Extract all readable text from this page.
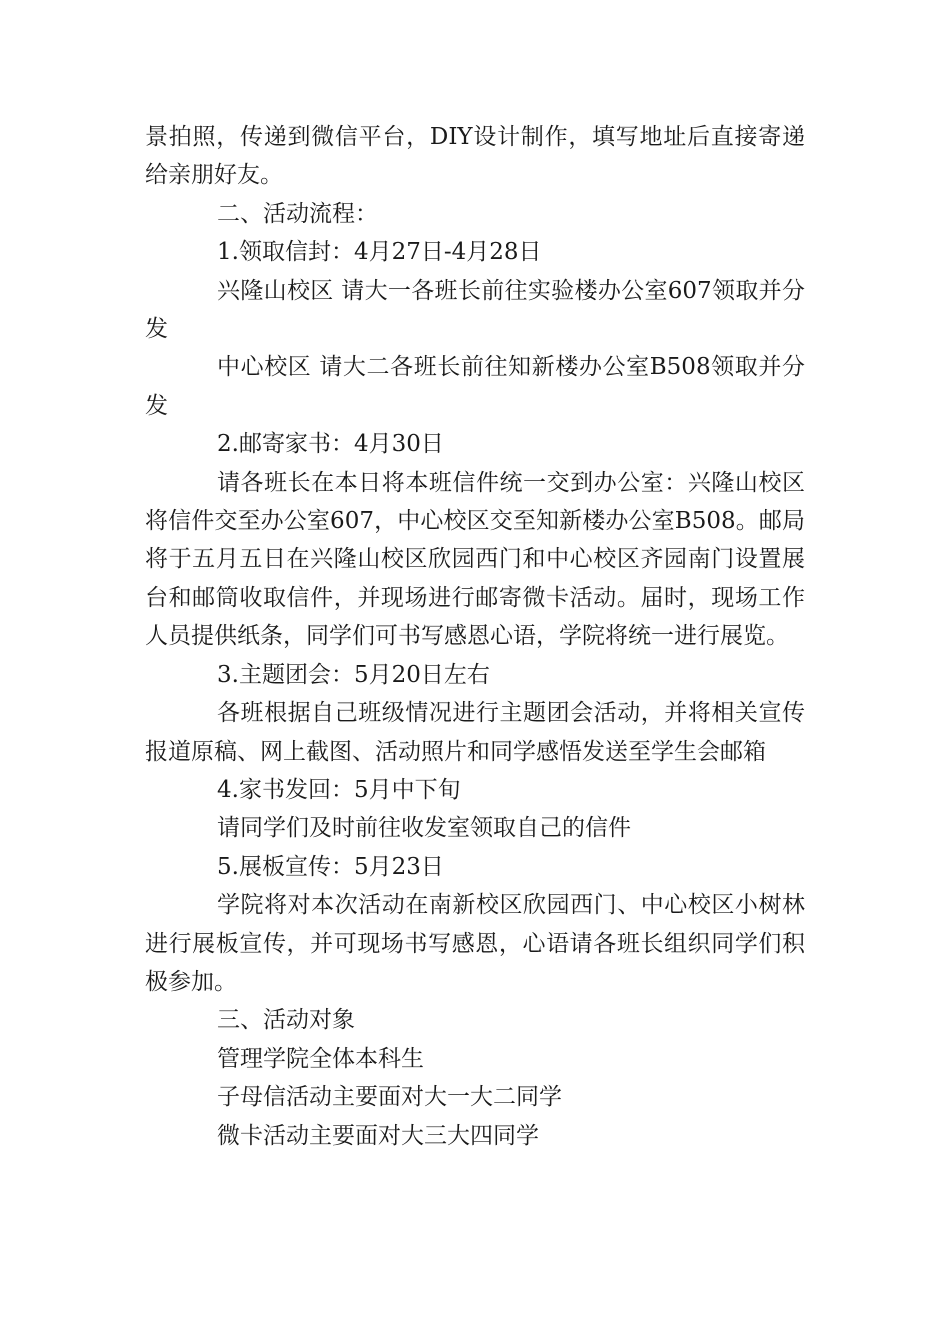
景拍照，传递到微信平台，DIY设计制作，填写地址后直接寄递给亲朋好友。

二、活动流程：

1.领取信封：4月27日-4月28日

兴隆山校区 请大一各班长前往实验楼办公室607领取并分发

中心校区 请大二各班长前往知新楼办公室B508领取并分发

2.邮寄家书：4月30日

请各班长在本日将本班信件统一交到办公室：兴隆山校区将信件交至办公室607，中心校区交至知新楼办公室B508。邮局将于五月五日在兴隆山校区欣园西门和中心校区齐园南门设置展台和邮筒收取信件，并现场进行邮寄微卡活动。届时，现场工作人员提供纸条，同学们可书写感恩心语，学院将统一进行展览。

3.主题团会：5月20日左右

各班根据自己班级情况进行主题团会活动，并将相关宣传报道原稿、网上截图、活动照片和同学感悟发送至学生会邮箱

4.家书发回：5月中下旬

请同学们及时前往收发室领取自己的信件

5.展板宣传：5月23日

学院将对本次活动在南新校区欣园西门、中心校区小树林进行展板宣传，并可现场书写感恩，心语请各班长组织同学们积极参加。

三、活动对象

管理学院全体本科生

子母信活动主要面对大一大二同学

微卡活动主要面对大三大四同学
